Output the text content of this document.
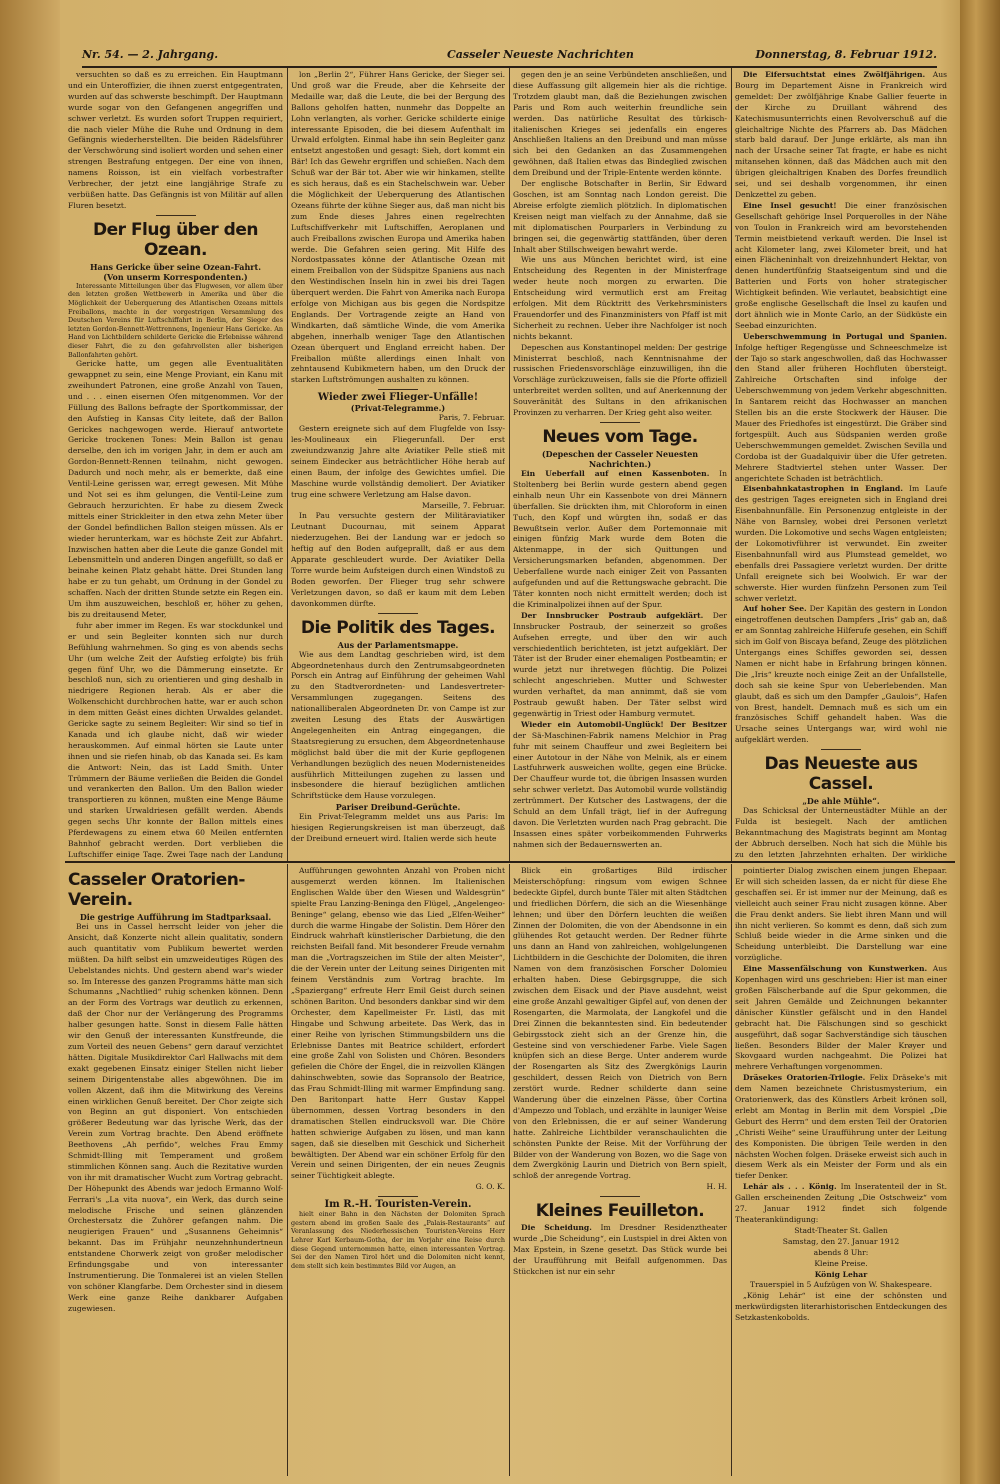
Nr. 54. — 2. Jahrgang.	Casseler Neueste Nachrichten	Donnerstag, 8. Februar 1912.

versuchten so daß es zu erreichen. Ein Hauptmann und ein Unteroffizier, die ihnen zuerst entgegentraten, wurden auf das schwerste beschimpft. Der Hauptmann wurde sogar von den Gefangenen angegriffen und schwer verletzt. Es wurden sofort Truppen requiriert, die nach vieler Mühe die Ruhe und Ordnung in dem Gefängnis wiederherstellten. Die beiden Rädelsführer der Verschwörung sind isoliert worden und sehen einer strengen Bestrafung entgegen. Der eine von ihnen, namens Roisson, ist ein vielfach vorbestrafter Verbrecher, der jetzt eine langjährige Strafe zu verbüßen hatte. Das Gefängnis ist von Militär auf allen Fluren besetzt.

Der Flug über den Ozean.
Hans Gericke über seine Ozean-Fahrt.
(Von unserm Korrespondenten.)

Interessante Mitteilungen über das Flugwesen, vor allem über den letzten großen Wettbewerb in Amerika und über die Möglichkeit der Ueberquerung des Atlantischen Ozeans mittels Freiballons, machte in der vorgestrigen Versammlung des Deutschen Vereins für Luftschiffahrt in Berlin, der Sieger des letzten Gordon-Bennett-Wettrennens, Ingenieur Hans Gericke. An Hand von Lichtbildern schilderte Gericke die Erlebnisse während dieser Fahrt, die zu den gefahrvollsten aller bisherigen Ballonfahrten gehört.

Gericke hatte, um gegen alle Eventualitäten gewappnet zu sein, eine Menge Proviant, ein Kanu mit zweihundert Patronen, eine große Anzahl von Tauen, und . . . einen eisernen Ofen mitgenommen. Vor der Füllung des Ballons befragte der Sportkommissar, der den Aufstieg in Kansas City leitete, daß der Ballon Gerickes nachgewogen werde. Hierauf antwortete Gericke trockenen Tones: Mein Ballon ist genau derselbe, den ich im vorigen Jahr, in dem er auch am Gordon-Bennett-Rennen teilnahm, nicht gewogen. Dadurch und noch mehr, als er bemerkte, daß eine Ventil-Leine gerissen war, erregt gewesen. Mit Mühe und Not sei es ihm gelungen, die Ventil-Leine zum Gebrauch herzurichten. Er habe zu diesem Zweck mittels einer Strickleiter in den etwa zehn Meter über der Gondel befindlichen Ballon steigen müssen. Als er wieder herunterkam, war es höchste Zeit zur Abfahrt. Inzwischen hatten aber die Leute die ganze Gondel mit Lebensmitteln und anderen Dingen angefüllt, so daß er beinahe keinen Platz gehabt hätte. Drei Stunden lang habe er zu tun gehabt, um Ordnung in der Gondel zu schaffen. Nach der dritten Stunde setzte ein Regen ein. Um ihm auszuweichen, beschloß er, höher zu gehen, bis zu dreitausend Meter,

fuhr aber immer im Regen. Es war stockdunkel und er und sein Begleiter konnten sich nur durch Befühlung wahrnehmen. So ging es von abends sechs Uhr (um welche Zeit der Aufstieg erfolgte) bis früh gegen fünf Uhr, wo die Dämmerung einsetzte. Er beschloß nun, sich zu orientieren und ging deshalb in niedrigere Regionen herab. Als er aber die Wolkenschicht durchbrochen hatte, war er auch schon in dem mitten Geäst eines dichten Urwaldes gelandet. Gericke sagte zu seinem Begleiter: Wir sind so tief in Kanada und ich glaube nicht, daß wir wieder herauskommen. Auf einmal hörten sie Laute unter ihnen und sie riefen hinab, ob das Kanada sei. Es kam die Antwort: Nein, das ist Ladd Smith. Unter Trümmern der Bäume verließen die Beiden die Gondel und verankerten den Ballon. Um den Ballon wieder transportieren zu können, mußten eine Menge Bäume und starken Urwaldriesen gefällt werden. Abends gegen sechs Uhr konnte der Ballon mittels eines Pferdewagens zu einem etwa 60 Meilen entfernten Bahnhof gebracht werden. Dort verblieben die Luftschiffer einige Tage. Zwei Tage nach der Landung

lon „Berlin 2“, Führer Hans Gericke, der Sieger sei. Und groß war die Freude, aber die Kehrseite der Medaille war, daß die Leute, die bei der Bergung des Ballons geholfen hatten, nunmehr das Doppelte an Lohn verlangten, als vorher. Gericke schilderte einige interessante Episoden, die bei diesem Aufenthalt im Urwald erfolgten. Einmal habe ihn sein Begleiter ganz entsetzt angestoßen und gesagt: Sieh, dort kommt ein Bär! Ich das Gewehr ergriffen und schießen. Nach dem Schuß war der Bär tot. Aber wie wir hinkamen, stellte es sich heraus, daß es ein Stachelschwein war. Ueber die Möglichkeit der Ueberquerung des Atlantischen Ozeans führte der kühne Sieger aus, daß man nicht bis zum Ende dieses Jahres einen regelrechten Luftschiffverkehr mit Luftschiffen, Aeroplanen und auch Freiballons zwischen Europa und Amerika haben werde. Die Gefahren seien gering. Mit Hilfe des Nordostpassates könne der Atlantische Ozean mit einem Freiballon von der Südspitze Spaniens aus nach den Westindischen Inseln hin in zwei bis drei Tagen überquert werden. Die Fahrt von Amerika nach Europa erfolge von Michigan aus bis gegen die Nordspitze Englands. Der Vortragende zeigte an Hand von Windkarten, daß sämtliche Winde, die vom Amerika abgehen, innerhalb weniger Tage den Atlantischen Ozean überquert und England erreicht haben. Der Freiballon müßte allerdings einen Inhalt von zehntausend Kubikmetern haben, um den Druck der starken Luftströmungen aushalten zu können.

Wieder zwei Flieger-Unfälle!
(Privat-Telegramme.)
Paris, 7. Februar.

Gestern ereignete sich auf dem Flugfelde von Issy-les-Moulineaux ein Fliegerunfall. Der erst zweiundzwanzig Jahre alte Aviatiker Pelle stieß mit seinem Eindecker aus beträchtlicher Höhe herab auf einen Baum, der infolge des Gewichtes umfiel. Die Maschine wurde vollständig demoliert. Der Aviatiker trug eine schwere Verletzung am Halse davon.

Marseille, 7. Februar.

In Pau versuchte gestern der Militäraviatiker Leutnant Ducournau, mit seinem Apparat niederzugehen. Bei der Landung war er jedoch so heftig auf den Boden aufgeprallt, daß er aus dem Apparate geschleudert wurde. Der Aviatiker Della Torre wurde beim Aufsteigen durch einen Windstoß zu Boden geworfen. Der Flieger trug sehr schwere Verletzungen davon, so daß er kaum mit dem Leben davonkommen dürfte.

Die Politik des Tages.
Aus der Parlamentsmappe.

Wie aus dem Landtag geschrieben wird, ist dem Abgeordnetenhaus durch den Zentrumsabgeordneten Porsch ein Antrag auf Einführung der geheimen Wahl zu den Stadtverordneten- und Landesvertreter-Versammlungen zugegangen. Seitens des nationalliberalen Abgeordneten Dr. von Campe ist zur zweiten Lesung des Etats der Auswärtigen Angelegenheiten ein Antrag eingegangen, die Staatsregierung zu ersuchen, dem Abgeordnetenhause möglichst bald über die mit der Kurie gepflogenen Verhandlungen bezüglich des neuen Modernisteneides ausführlich Mitteilungen zugehen zu lassen und insbesondere die hierauf bezüglichen amtlichen Schriftstücke dem Hause vorzulegen.

Pariser Dreibund-Gerüchte.

Ein Privat-Telegramm meldet uns aus Paris: Im hiesigen Regierungskreisen ist man überzeugt, daß der Dreibund erneuert wird. Italien werde sich heute

gegen den je an seine Verbündeten anschließen, und diese Auffassung gilt allgemein hier als die richtige. Trotzdem glaubt man, daß die Beziehungen zwischen Paris und Rom auch weiterhin freundliche sein werden. Das natürliche Resultat des türkisch-italienischen Krieges sei jedenfalls ein engeres Anschließen Italiens an den Dreibund und man müsse sich bei den Gedanken an das Zusammengehen gewöhnen, daß Italien etwas das Bindeglied zwischen dem Dreibund und der Triple-Entente werden könnte.

Der englische Botschafter in Berlin, Sir Edward Goschen, ist am Sonntag nach London gereist. Die Abreise erfolgte ziemlich plötzlich. In diplomatischen Kreisen neigt man vielfach zu der Annahme, daß sie mit diplomatischen Pourparlers in Verbindung zu bringen sei, die gegenwärtig stattfänden, über deren Inhalt aber Stillschweigen bewahrt werde.

Wie uns aus München berichtet wird, ist eine Entscheidung des Regenten in der Ministerfrage weder heute noch morgen zu erwarten. Die Entscheidung wird vermutlich erst am Freitag erfolgen. Mit dem Rücktritt des Verkehrsministers Frauendorfer und des Finanzministers von Pfaff ist mit Sicherheit zu rechnen. Ueber ihre Nachfolger ist noch nichts bekannt.

Depeschen aus Konstantinopel melden: Der gestrige Ministerrat beschloß, nach Kenntnisnahme der russischen Friedensvorschläge einzuwilligen, ihn die Vorschläge zurückzuweisen, falls sie die Pforte offiziell unterbreitet werden sollten, und auf Anerkennung der Souveränität des Sultans in den afrikanischen Provinzen zu verharren. Der Krieg geht also weiter.

Neues vom Tage.
(Depeschen der Casseler Neuesten Nachrichten.)

Ein Ueberfall auf einen Kassenboten. In Stoltenberg bei Berlin wurde gestern abend gegen einhalb neun Uhr ein Kassenbote von drei Männern überfallen. Sie drückten ihm, mit Chloroform in einen Tuch, den Kopf und würgten ihn, sodaß er das Bewußtsein verlor. Außer dem Portemonnaie mit einigen fünfzig Mark wurde dem Boten die Aktenmappe, in der sich Quittungen und Versicherungsmarken befanden, abgenommen. Der Ueberfallene wurde nach einiger Zeit von Passanten aufgefunden und auf die Rettungswache gebracht. Die Täter konnten noch nicht ermittelt werden; doch ist die Kriminalpolizei ihnen auf der Spur.

Der Innsbrucker Postraub aufgeklärt. Der Innsbrucker Postraub, der seinerzeit so großes Aufsehen erregte, und über den wir auch verschiedentlich berichteten, ist jetzt aufgeklärt. Der Täter ist der Bruder einer ehemaligen Postbeamtin; er wurde jetzt nur ihretwegen flüchtig. Die Polizei schlecht angeschrieben. Mutter und Schwester wurden verhaftet, da man annimmt, daß sie vom Postraub gewußt haben. Der Täter selbst wird gegenwärtig in Triest oder Hamburg vermutet.

Wieder ein Automobil-Unglück! Der Besitzer der Sä-Maschinen-Fabrik namens Melchior in Prag fuhr mit seinem Chauffeur und zwei Begleitern bei einer Autotour in der Nähe von Melnik, als er einem Lastfuhrwerk ausweichen wollte, gegen eine Brücke. Der Chauffeur wurde tot, die übrigen Insassen wurden sehr schwer verletzt. Das Automobil wurde vollständig zertrümmert. Der Kutscher des Lastwagens, der die Schuld an dem Unfall trägt, lief in der Aufregung davon. Die Verletzten wurden nach Prag gebracht. Die Insassen eines später vorbeikommenden Fuhrwerks nahmen sich der Bedauernswerten an.

Die Eifersuchtstat eines Zwölfjährigen. Aus Bourg im Departement Aisne in Frankreich wird gemeldet: Der zwölfjährige Knabe Gallier feuerte in der Kirche zu Druillant während des Katechismusunterrichts einen Revolverschuß auf die gleichaltrige Nichte des Pfarrers ab. Das Mädchen starb bald darauf. Der Junge erklärte, als man ihn nach der Ursache seiner Tat fragte, er habe es nicht mitansehen können, daß das Mädchen auch mit den übrigen gleichaltrigen Knaben des Dorfes freundlich sei, und sei deshalb vorgenommen, ihr einen Denkzettel zu geben.

Eine Insel gesucht! Die einer französischen Gesellschaft gehörige Insel Porquerolles in der Nähe von Toulon in Frankreich wird am bevorstehenden Termin meistbietend verkauft werden. Die Insel ist acht Kilometer lang, zwei Kilometer breit, und hat einen Flächeninhalt von dreizehnhundert Hektar, von denen hundertfünfzig Staatseigentum sind und die Batterien und Forts von hoher strategischer Wichtigkeit befinden. Wie verlautet, beabsichtigt eine große englische Gesellschaft die Insel zu kaufen und dort ähnlich wie in Monte Carlo, an der Südküste ein Seebad einzurichten.

Ueberschwemmung in Portugal und Spanien. Infolge heftiger Regengüsse und Schneeschmelze ist der Tajo so stark angeschwollen, daß das Hochwasser den Stand aller früheren Hochfluten übersteigt. Zahlreiche Ortschaften sind infolge der Ueberschwemmung von jedem Verkehr abgeschnitten. In Santarem reicht das Hochwasser an manchen Stellen bis an die erste Stockwerk der Häuser. Die Mauer des Friedhofes ist eingestürzt. Die Gräber sind fortgespült. Auch aus Südspanien werden große Ueberschwemmungen gemeldet. Zwischen Sevilla und Cordoba ist der Guadalquivir über die Ufer getreten. Mehrere Stadtviertel stehen unter Wasser. Der angerichtete Schaden ist beträchtlich.

Eisenbahnkatastrophen in England. Im Laufe des gestrigen Tages ereigneten sich in England drei Eisenbahnunfälle. Ein Personenzug entgleiste in der Nähe von Barnsley, wobei drei Personen verletzt wurden. Die Lokomotive und sechs Wagen entgleisten; der Lokomotivführer ist verwundet. Ein zweiter Eisenbahnunfall wird aus Plumstead gemeldet, wo ebenfalls drei Passagiere verletzt wurden. Der dritte Unfall ereignete sich bei Woolwich. Er war der schwerste. Hier wurden fünfzehn Personen zum Teil schwer verletzt.

Auf hoher See. Der Kapitän des gestern in London eingetroffenen deutschen Dampfers „Iris“ gab an, daß er am Sonntag zahlreiche Hilferufe gesehen, ein Schiff sich im Golf von Biscaya befand, Zeuge des plötzlichen Untergangs eines Schiffes geworden sei, dessen Namen er nicht habe in Erfahrung bringen können. Die „Iris“ kreuzte noch einige Zeit an der Unfallstelle, doch sah sie keine Spur von Ueberlebenden. Man glaubt, daß es sich um den Dampfer „Gaulois“, Hafen von Brest, handelt. Demnach muß es sich um ein französisches Schiff gehandelt haben. Was die Ursache seines Untergangs war, wird wohl nie aufgeklärt werden.

Das Neueste aus Cassel.
„De ahle Mühle“.

Das Schicksal der Unterneustädter Mühle an der Fulda ist besiegelt. Nach der amtlichen Bekanntmachung des Magistrats beginnt am Montag der Abbruch derselben. Noch hat sich die Mühle bis zu den letzten Jahrzehnten erhalten. Der wirkliche

Casseler Oratorien-Verein.
Die gestrige Aufführung im Stadtparksaal.

Bei uns in Cassel herrscht leider von jeher die Ansicht, daß Konzerte nicht allein qualitativ, sondern auch quantitativ vom Publikum bewertet werden müßten. Da hilft selbst ein umzweideutiges Rügen des Uebelstandes nichts. Und gestern abend war's wieder so. Im Interesse des ganzen Programms hätte man sich Schumanns „Nachtlied“ ruhig schenken können. Denn an der Form des Vortrags war deutlich zu erkennen, daß der Chor nur der Verlängerung des Programms halber gesungen hatte. Sonst in diesem Falle hätten wir den Genuß der interessanten Kunstfreunde, die zum Vorteil des neuen Gebens“ gern darauf verzichtet hätten. Digitale Musikdirektor Carl Hallwachs mit dem exakt gegebenen Einsatz einiger Stellen nicht lieber seinem Dirigentenstabe alles abgewöhnen. Die im vollen Akzent, daß ihm die Mitwirkung des Vereins einen wirklichen Genuß bereitet. Der Chor zeigte sich von Beginn an gut disponiert. Von entschieden größerer Bedeutung war das lyrische Werk, das der Verein zum Vortrag brachte. Den Abend eröffnete Beethovens „Ah perfido“, welches Frau Emmy Schmidt-Illing mit Temperament und großem stimmlichen Können sang. Auch die Rezitative wurden von ihr mit dramatischer Wucht zum Vortrag gebracht. Der Höhepunkt des Abends war jedoch Ermanno Wolf-Ferrari's „La vita nuova“, ein Werk, das durch seine melodische Frische und seinen glänzenden Orchestersatz die Zuhörer gefangen nahm. Die neugierigen Frauen“ und „Susannens Geheimnis“ bekannt. Das im Frühjahr neunzehnhundertneun entstandene Chorwerk zeigt von großer melodischer Erfindungsgabe und von interessanter Instrumentierung. Die Tonmalerei ist an vielen Stellen von schöner Klangfarbe. Dem Orchester sind in diesem Werk eine ganze Reihe dankbarer Aufgaben zugewiesen.

Aufführungen gewohnten Anzahl von Proben nicht ausgemerzt werden können. Im Italienischen Englischen Walde über den Wiesen und Waldesgrün“ spielte Frau Lanzing-Beninga den Flügel, „Angelengeo-Beninge“ gelang, ebenso wie das Lied „Elfen-Weiher“ durch die warme Hingabe der Solistin. Dem Hörer den Eindruck wahrhaft künstlerischer Darbietung, die den reichsten Beifall fand. Mit besonderer Freude vernahm man die „Vortragszeichen im Stile der alten Meister“, die der Verein unter der Leitung seines Dirigenten mit feinem Verständnis zum Vortrag brachte. Im „Spaziergang“ erfreute Herr Emil Geist durch seinen schönen Bariton. Und besonders dankbar sind wir dem Orchester, dem Kapellmeister Fr. Listl, das mit Hingabe und Schwung arbeitete. Das Werk, das in einer Reihe von lyrischen Stimmungsbildern uns die Erlebnisse Dantes mit Beatrice schildert, erfordert eine große Zahl von Solisten und Chören. Besonders gefielen die Chöre der Engel, die in reizvollen Klängen dahinschwebten, sowie das Sopransolo der Beatrice, das Frau Schmidt-Illing mit warmer Empfindung sang. Den Baritonpart hatte Herr Gustav Kappel übernommen, dessen Vortrag besonders in den dramatischen Stellen eindrucksvoll war. Die Chöre hatten schwierige Aufgaben zu lösen, und man kann sagen, daß sie dieselben mit Geschick und Sicherheit bewältigten. Der Abend war ein schöner Erfolg für den Verein und seinen Dirigenten, der ein neues Zeugnis seiner Tüchtigkeit ablegte.

G. O. K.
Im R.-H. Touristen-Verein.

hielt einer Bahn in den Nächsten der Dolomiten Sprach gestern abend im großen Saale des „Palais-Restaurants“ auf Veranlassung des Niederhessischen Touristen-Vereins Herr Lehrer Karl Kerbaum-Gotha, der im Vorjahr eine Reise durch diese Gegend unternommen hatte, einen interessanten Vortrag. Sei der den Namen Tirol hört und die Dolomiten nicht kennt, dem stellt sich kein bestimmtes Bild vor Augen, an

Blick ein großartiges Bild irdischer Meisterschöpfung: ringsum vom ewigen Schnee bedeckte Gipfel, durch bunte Täler mit alten Städtchen und friedlichen Dörfern, die sich an die Wiesenhänge lehnen; und über den Dörfern leuchten die weißen Zinnen der Dolomiten, die von der Abendsonne in ein glühendes Rot getaucht werden. Der Redner führte uns dann an Hand von zahlreichen, wohlgelungenen Lichtbildern in die Geschichte der Dolomiten, die ihren Namen von dem französischen Forscher Dolomieu erhalten haben. Diese Gebirgsgruppe, die sich zwischen dem Eisack und der Piave ausdehnt, weist eine große Anzahl gewaltiger Gipfel auf, von denen der Rosengarten, die Marmolata, der Langkofel und die Drei Zinnen die bekanntesten sind. Ein bedeutender Gebirgsstock zieht sich an der Grenze hin, die Gesteine sind von verschiedener Farbe. Viele Sagen knüpfen sich an diese Berge. Unter anderem wurde der Rosengarten als Sitz des Zwergkönigs Laurin geschildert, dessen Reich von Dietrich von Bern zerstört wurde. Redner schilderte dann seine Wanderung über die einzelnen Pässe, über Cortina d'Ampezzo und Toblach, und erzählte in launiger Weise von den Erlebnissen, die er auf seiner Wanderung hatte. Zahlreiche Lichtbilder veranschaulichten die schönsten Punkte der Reise. Mit der Vorführung der Bilder von der Wanderung von Bozen, wo die Sage von dem Zwergkönig Laurin und Dietrich von Bern spielt, schloß der anregende Vortrag.

H. H.
Kleines Feuilleton.

Die Scheidung. Im Dresdner Residenztheater wurde „Die Scheidung“, ein Lustspiel in drei Akten von Max Epstein, in Szene gesetzt. Das Stück wurde bei der Uraufführung mit Beifall aufgenommen. Das Stückchen ist nur ein sehr

pointierter Dialog zwischen einem jungen Ehepaar. Er will sich scheiden lassen, da er nicht für diese Ehe geschaffen sei. Er ist immer nur der Meinung, daß es vielleicht auch seiner Frau nicht zusagen könne. Aber die Frau denkt anders. Sie liebt ihren Mann und will ihn nicht verlieren. So kommt es denn, daß sich zum Schluß beide wieder in die Arme sinken und die Scheidung unterbleibt. Die Darstellung war eine vorzügliche.

Eine Massenfälschung von Kunstwerken. Aus Kopenhagen wird uns geschrieben: Hier ist man einer großen Fälscherbande auf die Spur gekommen, die seit Jahren Gemälde und Zeichnungen bekannter dänischer Künstler gefälscht und in den Handel gebracht hat. Die Fälschungen sind so geschickt ausgeführt, daß sogar Sachverständige sich täuschen ließen. Besonders Bilder der Maler Krøyer und Skovgaard wurden nachgeahmt. Die Polizei hat mehrere Verhaftungen vorgenommen.

Dräsekes Oratorien-Trilogie. Felix Dräseke's mit dem Namen bezeichnete Christusmysterium, ein Oratorienwerk, das des Künstlers Arbeit krönen soll, erlebt am Montag in Berlin mit dem Vorspiel „Die Geburt des Herrn“ und dem ersten Teil der Oratorien „Christi Weihe“ seine Uraufführung unter der Leitung des Komponisten. Die übrigen Teile werden in den nächsten Wochen folgen. Dräseke erweist sich auch in diesem Werk als ein Meister der Form und als ein tiefer Denker.

Lehár als . . . König. Im Inseratenteil der in St. Gallen erscheinenden Zeitung „Die Ostschweiz“ vom 27. Januar 1912 findet sich folgende Theaterankündigung:

Stadt-Theater St. Gallen
Samstag, den 27. Januar 1912
abends 8 Uhr:
Kleine Preise.
König Lehar
Trauerspiel in 5 Aufzügen von W. Shakespeare.

„König Lehár“ ist eine der schönsten und merkwürdigsten literarhistorischen Entdeckungen des Setzkastenkobolds.
